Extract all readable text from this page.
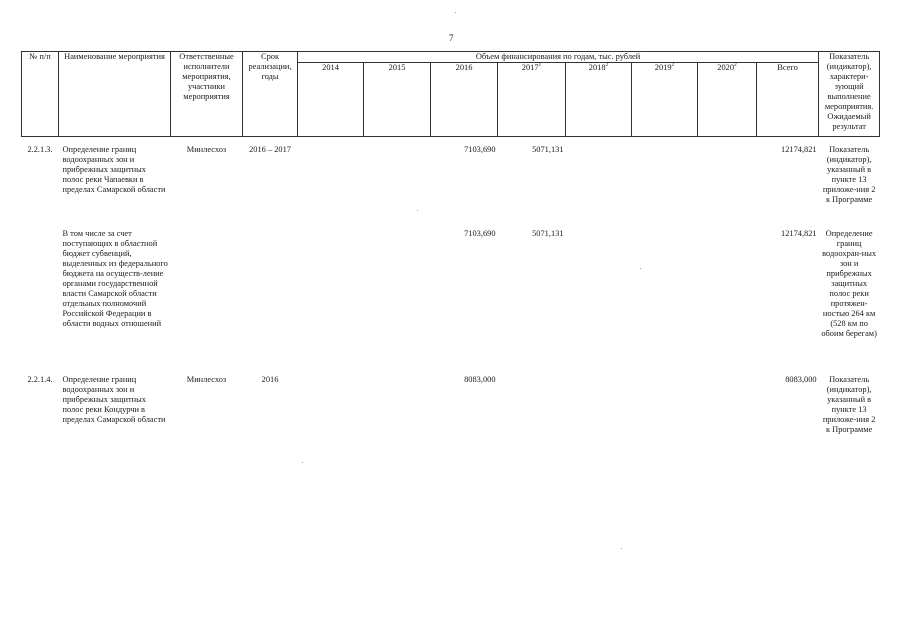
7
№ п/п	Наименование мероприятия	Ответственные исполнители мероприятия, участники мероприятия	Срок реализации, годы	Объем финансирования по годам, тыс. рублей								Показатель (индикатор), характери-зующий выполнение мероприятия. Ожидаемый результат
				2014	2015	2016	2017$^1$	2018$^2$	2019$^2$	2020$^2$	Всего	

2.2.1.3.	Определение границ водоохранных зон и прибрежных защитных полос реки Чапаевки в пределах Самарской области	Минлесхоз	2016 – 2017			7103,690	5071,131				12174,821	Показатель (индикатор), указанный в пункте 13 приложе-ния 2 к Программе
	В том числе за счет поступающих в областной бюджет субвенций, выделенных из федерального бюджета на осуществ-ление органами государственной власти Самарской области отдельных полномочий Российской Федерации в области водных отношений					7103,690	5071,131				12174,821	Определение границ водоохран-ных зон и прибрежных защитных полос реки протяжен-ностью 264 км (528 км по обоим берегам)
2.2.1.4.	Определение границ водоохранных зон и прибрежных защитных полос реки Кондурчи в пределах Самарской области	Минлесхоз	2016			8083,000					8083,000	Показатель (индикатор), указанный в пункте 13 приложе-ния 2 к Программе
